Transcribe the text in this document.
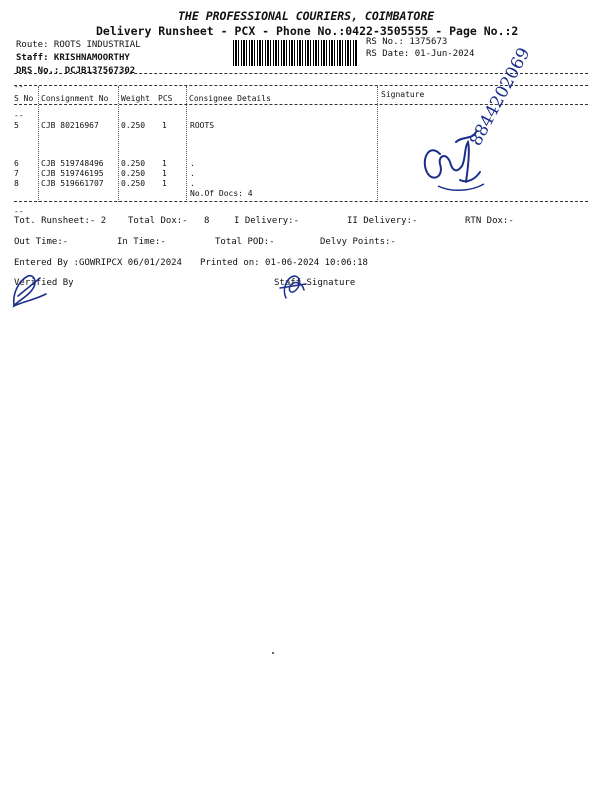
THE PROFESSIONAL COURIERS, COIMBATORE
Delivery Runsheet - PCX - Phone No.:0422-3505555 - Page No.:2
Route: ROOTS INDUSTRIAL
Staff: KRISHNAMOORTHY
DRS No.: DCJB137567302
RS No.: 1375673
RS Date: 01-Jun-2024
--
S No Consignment No Weight PCS Consignee Details	Signature
--
5	CJB 80216967	0.250 1	ROOTS
6	CJB 519748496 0.250 1	.
7	CJB 519746195 0.250 1	.
8	CJB 519661707 0.250 1	.
No.Of Docs: 4
8844202069
--
Tot. Runsheet:- 2 Total Dox:- 8	I Delivery:-	II Delivery:-	RTN Dox:-
Out Time:-	In Time:-	Total POD:-	Delvy Points:-
Entered By :GOWRIPCX 06/01/2024 Printed on: 01-06-2024 10:06:18
Verified By	Staff Signature
